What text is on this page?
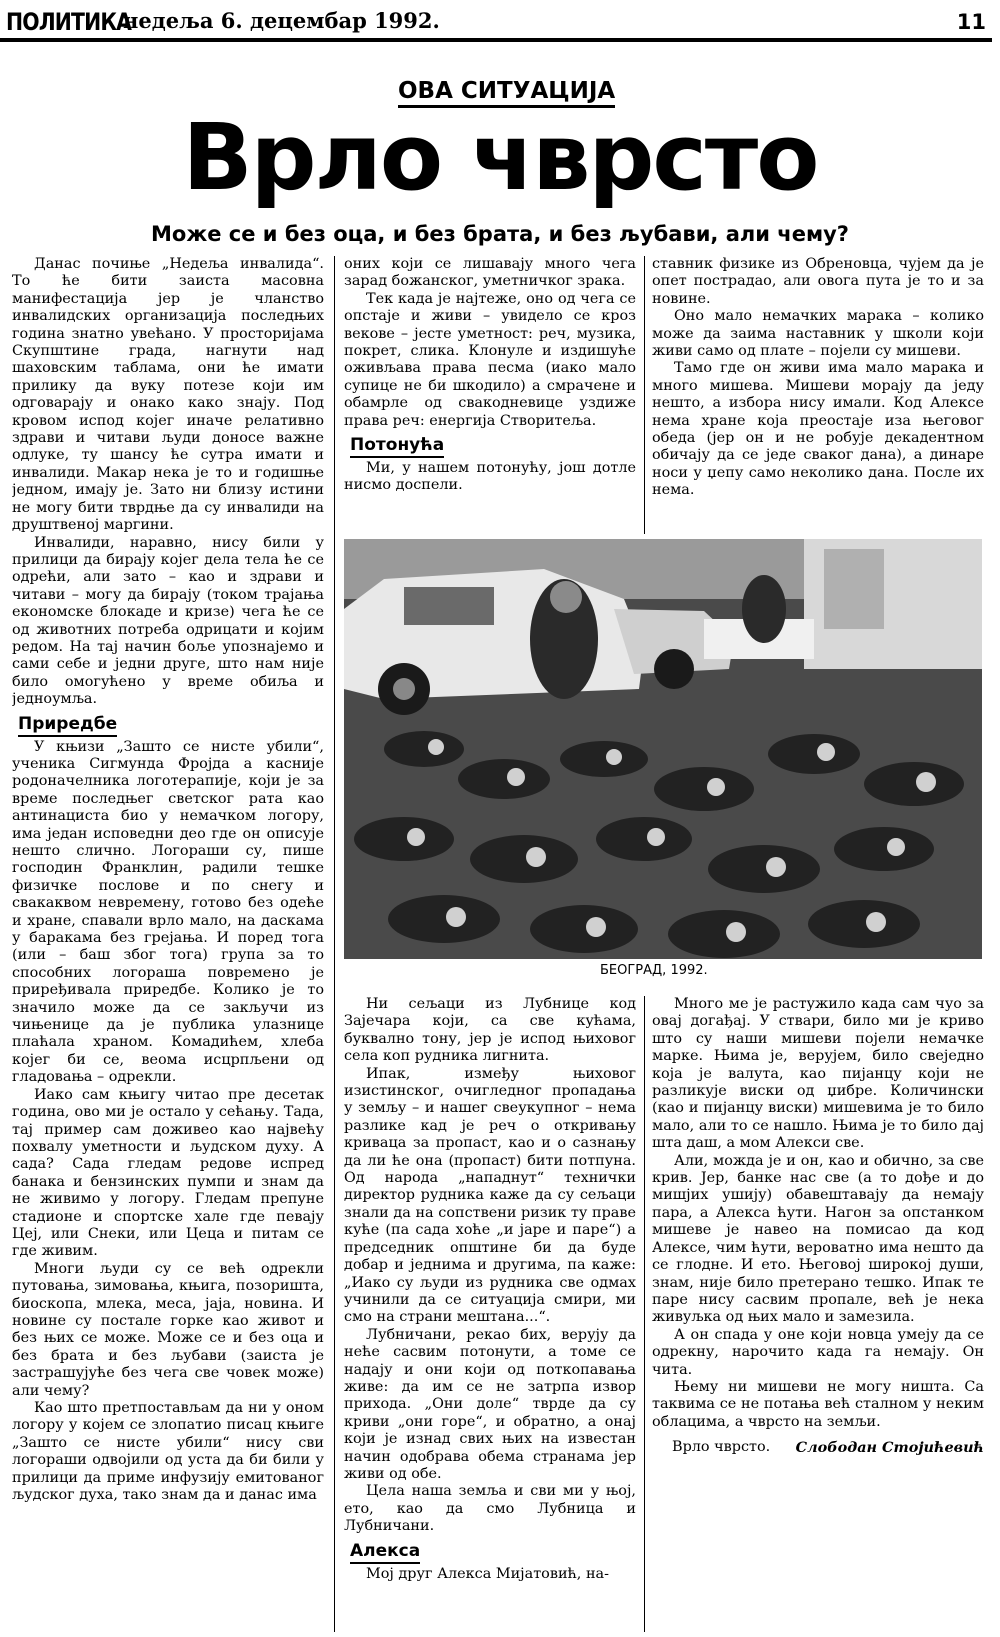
ПОЛИТИКА
недеља 6. децембар 1992.	11
ОВА СИТУАЦИЈА
Врло чврсто
Може се и без оца, и без брата, и без љубави, али чему?

Данас почиње „Недеља инвалида“. То ће бити заиста масовна манифестација јер је чланство инвалидских организација последњих година знатно увећано. У просторијама Скупштине града, нагнути над шаховским таблама, они ће имати прилику да вуку потезе који им одговарају и онако како знају. Под кровом испод којег иначе релативно здрави и читави људи доносе важне одлуке, ту шансу ће сутра имати и инвалиди. Макар нека је то и годишње једном, имају је. Зато ни близу истини не могу бити тврдње да су инвалиди на друштвеној маргини.

Инвалиди, наравно, нису били у прилици да бирају којег дела тела ће се одрећи, али зато – као и здрави и читави – могу да бирају (током трајања економске блокаде и кризе) чега ће се од животних потреба одрицати и којим редом. На тај начин боље упознајемо и сами себе и једни друге, што нам није било омогућено у време обиља и једноумља.

Приредбе

У књизи „Зашто се нисте убили“, ученика Сигмунда Фројда а касније родоначелника логотерапије, који је за време последњег светског рата као антинациста био у немачком логору, има један исповедни део где он описује нешто слично. Логораши су, пише господин Франклин, радили тешке физичке послове и по снегу и свакаквом невремену, готово без одеће и хране, спавали врло мало, на даскама у баракама без грејања. И поред тога (или – баш због тога) група за то способних логораша повремено је приређивала приредбе. Колико је то значило може да се закључи из чињенице да је публика улазнице плаћала храном. Комадићем, хлеба којег би се, веома исцрпљени од гладовања – одрекли.

Иако сам књигу читао пре десетак година, ово ми је остало у сећању. Тада, тај пример сам доживео као највећу похвалу уметности и људском духу. А сада? Сада гледам редове испред банака и бензинских пумпи и знам да не живимо у логору. Гледам препуне стадионе и спортске хале где певају Цеј, или Снеки, или Цеца и питам се где живим.

Многи људи су се већ одрекли путовања, зимовања, књига, позоришта, биоскопа, млека, меса, јаја, новина. И новине су постале горке као живот и без њих се може. Може се и без оца и без брата и без љубави (заиста је застрашујуће без чега све човек може) али чему?

Као што претпостављам да ни у оном логору у којем се злопатио писац књиге „Зашто се нисте убили“ нису сви логораши одвојили од уста да би били у прилици да приме инфузију емитованог људског духа, тако знам да и данас има

оних који се лишавају много чега зарад божанског, уметничког зрака.

Тек када је најтеже, оно од чега се опстаје и живи – увидело се кроз векове – јесте уметност: реч, музика, покрет, слика. Клонуле и издишуће оживљава права песма (иако мало супице не би шкодило) а смрачене и обамрле од свакодневице уздиже права реч: енергија Створитеља.

Потонућа

Ми, у нашем потонућу, још дотле нисмо доспели.

ставник физике из Обреновца, чујем да је опет пострадао, али овога пута је то и за новине.

Оно мало немачких марака – колико може да заима наставник у школи који живи само од плате – појели су мишеви.

Тамо где он живи има мало марака и много мишева. Мишеви морају да једу нешто, а избора нису имали. Код Алексе нема хране која преостаје иза његовог обеда (јер он и не робује декадентном обичају да се једе сваког дана), а динаре носи у џепу само неколико дана. После их нема.

БЕОГРАД, 1992.

Ни сељаци из Лубнице код Зајечара који, са све кућама, буквално тону, јер је испод њиховог села коп рудника лигнита.

Ипак, између њиховог изистинског, очигледног пропадања у земљу – и нашег свеукупног – нема разлике кад је реч о откривању криваца за пропаст, као и о сазнању да ли ће она (пропаст) бити потпуна. Од народа „нападнут“ технички директор рудника каже да су сељаци знали да на сопствени ризик ту праве куће (па сада хоће „и јаре и паре“) а председник општине би да буде добар и једнима и другима, па каже: „Иако су људи из рудника све одмах учинили да се ситуација смири, ми смо на страни мештана...“.

Лубничани, рекао бих, верују да неће сасвим потонути, а томе се надају и они који од поткопавања живе: да им се не затрпа извор прихода. „Они доле“ тврде да су криви „они горе“, и обратно, а онај који је изнад свих њих на известан начин одобрава обема странама јер живи од обе.

Цела наша земља и сви ми у њој, ето, као да смо Лубница и Лубничани.

Алекса

Мој друг Алекса Мијатовић, на-

Много ме је растужило када сам чуо за овај догађај. У ствари, било ми је криво што су наши мишеви појели немачке марке. Њима је, верујем, било свеједно која је валута, као пијанцу који не разликује виски од џибре. Количински (као и пијанцу виски) мишевима је то било мало, али то се нашло. Њима је то било дај шта даш, а мом Алекси све.

Али, можда је и он, као и обично, за све крив. Јер, банке нас све (а то дође и до мишјих ушију) обавештавају да немају пара, а Алекса ћути. Нагон за опстанком мишеве је навео на помисао да код Алексе, чим ћути, вероватно има нешто да се глодне. И ето. Његовој широкој души, знам, није било претерано тешко. Ипак те паре нису сасвим пропале, већ је нека живуљка од њих мало и замезила.

А он спада у оне који новца умеју да се одрекну, нарочито када га немају. Он чита.

Њему ни мишеви не могу ништа. Са таквима се не потања већ сталном у неким облацима, а чврсто на земљи.

Врло чврсто. Слободан Стојићевић
